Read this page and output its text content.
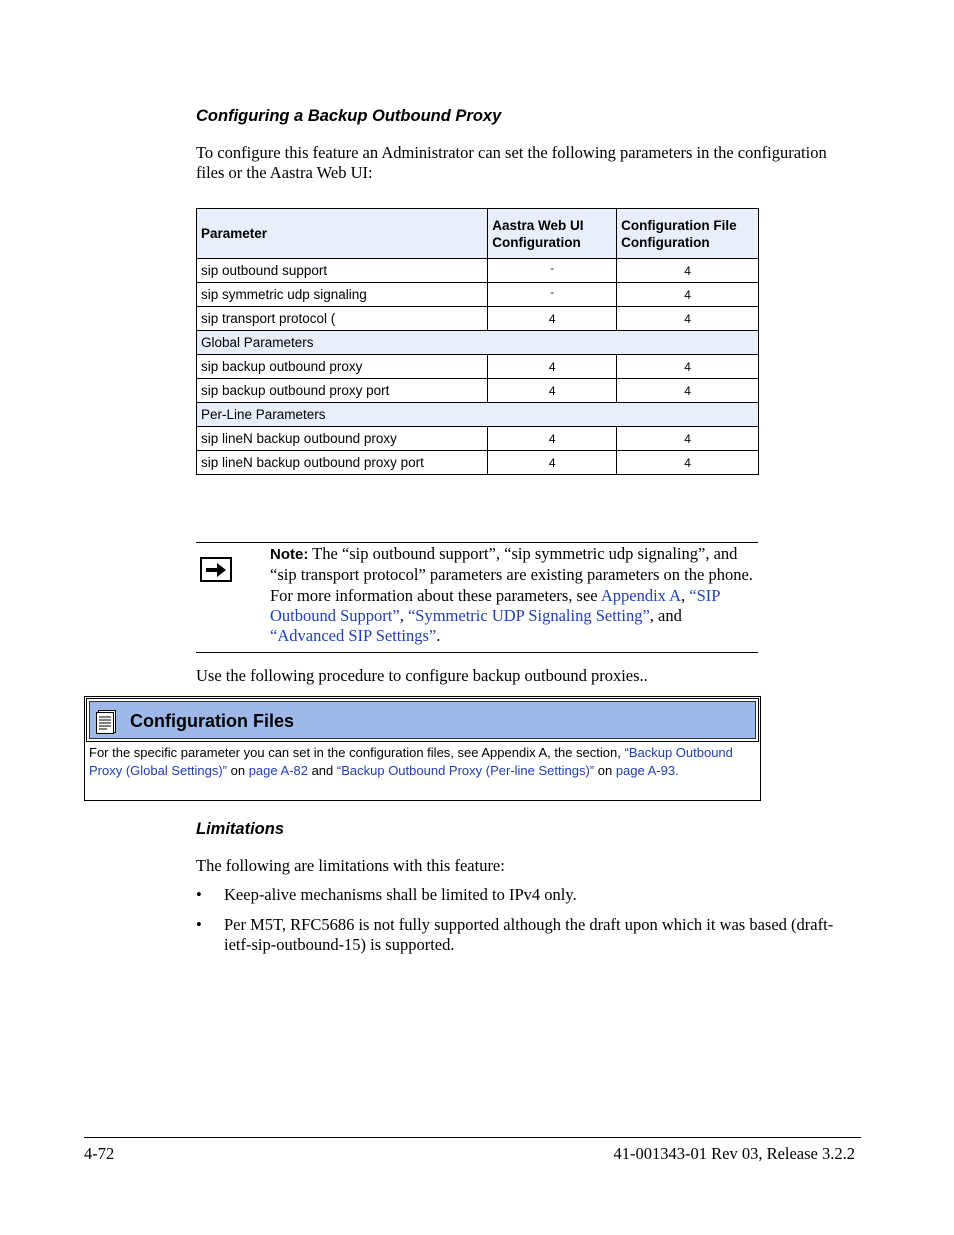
Configuring a Backup Outbound Proxy
To configure this feature an Administrator can set the following parameters in the configuration files or the Aastra Web UI:
Parameter	Aastra Web UI Configuration	Configuration File Configuration
sip outbound support	-	4
sip symmetric udp signaling	-	4
sip transport protocol (	4	4
Global Parameters		
sip backup outbound proxy	4	4
sip backup outbound proxy port	4	4
Per-Line Parameters		
sip lineN backup outbound proxy	4	4
sip lineN backup outbound proxy port	4	4
Note: The “sip outbound support”, “sip symmetric udp signaling”, and “sip transport protocol” parameters are existing parameters on the phone. For more information about these parameters, see Appendix A, “SIP Outbound Support”, “Symmetric UDP Signaling Setting”, and “Advanced SIP Settings”.
Use the following procedure to configure backup outbound proxies..
Configuration Files
For the specific parameter you can set in the configuration files, see Appendix A, the section, “Backup Outbound Proxy (Global Settings)” on page A-82 and “Backup Outbound Proxy (Per-line Settings)” on page A-93.
Limitations
The following are limitations with this feature:
• Keep-alive mechanisms shall be limited to IPv4 only.
• Per M5T, RFC5686 is not fully supported although the draft upon which it was based (draft-ietf-sip-outbound-15) is supported.
4-72	41-001343-01 Rev 03, Release 3.2.2
